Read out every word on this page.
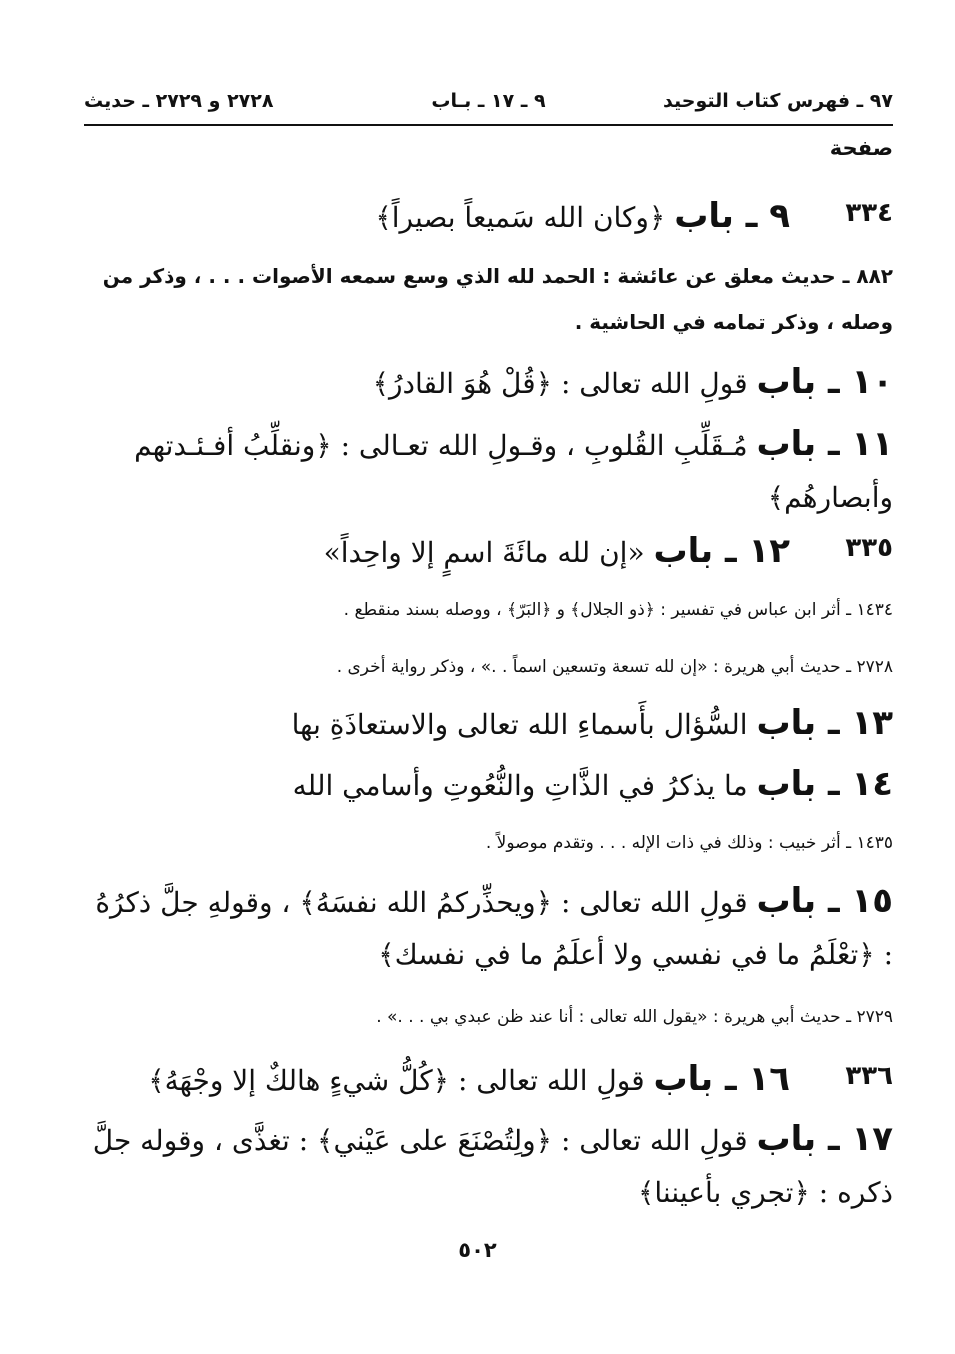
٩٧ ـ فهرس كتاب التوحيد
٩ ـ ١٧ ـ بـاب
٢٧٢٨ و ٢٧٢٩ ـ حديث
صفحة
٣٣٤
٩ ـ باب ﴿وكان الله سَميعاً بصيراً﴾
٨٨٢ ـ حديث معلق عن عائشة : الحمد لله الذي وسع سمعه الأصوات . . . ، وذكر من وصله ، وذكر تمامه في الحاشية .
١٠ ـ باب قولِ الله تعالى : ﴿قُلْ هُوَ القادرُ﴾
١١ ـ باب مُـقَلِّبِ القُلوبِ ، وقـولِ الله تعـالى : ﴿ونقلِّبُ أفـئـدتهم وأبصارهُم﴾
٣٣٥
١٢ ـ باب «إن لله مائَةَ اسمٍ إلا واحِداً»
١٤٣٤ ـ أثر ابن عباس في تفسير : ﴿ذو الجلال﴾ و ﴿البَرّ﴾ ، ووصله بسند منقطع .
٢٧٢٨ ـ حديث أبي هريرة : «إن لله تسعة وتسعين اسماً . .» ، وذكر رواية أخرى .
١٣ ـ باب السُّؤال بأَسماءِ الله تعالى والاستعاذَةِ بها
١٤ ـ باب ما يذكرُ في الذَّاتِ والنُّعُوتِ وأسامي الله
١٤٣٥ ـ أثر خبيب : وذلك في ذات الإله . . . وتقدم موصولاً .
١٥ ـ باب قولِ الله تعالى : ﴿ويحذِّركمُ الله نفسَهُ﴾ ، وقولهِ جلَّ ذكرُهُ : ﴿تعْلَمُ ما في نفسي ولا أعلَمُ ما في نفسك﴾
٢٧٢٩ ـ حديث أبي هريرة : «يقول الله تعالى : أنا عند ظن عبدي بي . . .» .
٣٣٦
١٦ ـ باب قولِ الله تعالى : ﴿كُلُّ شيءٍ هالكٌ إلا وجْهَهُ﴾
١٧ ـ باب قولِ الله تعالى : ﴿ولِتُصْنَعَ على عَيْني﴾ : تغذَّى ، وقوله جلَّ ذكره : ﴿تجري بأعيننا﴾
٥٠٢
